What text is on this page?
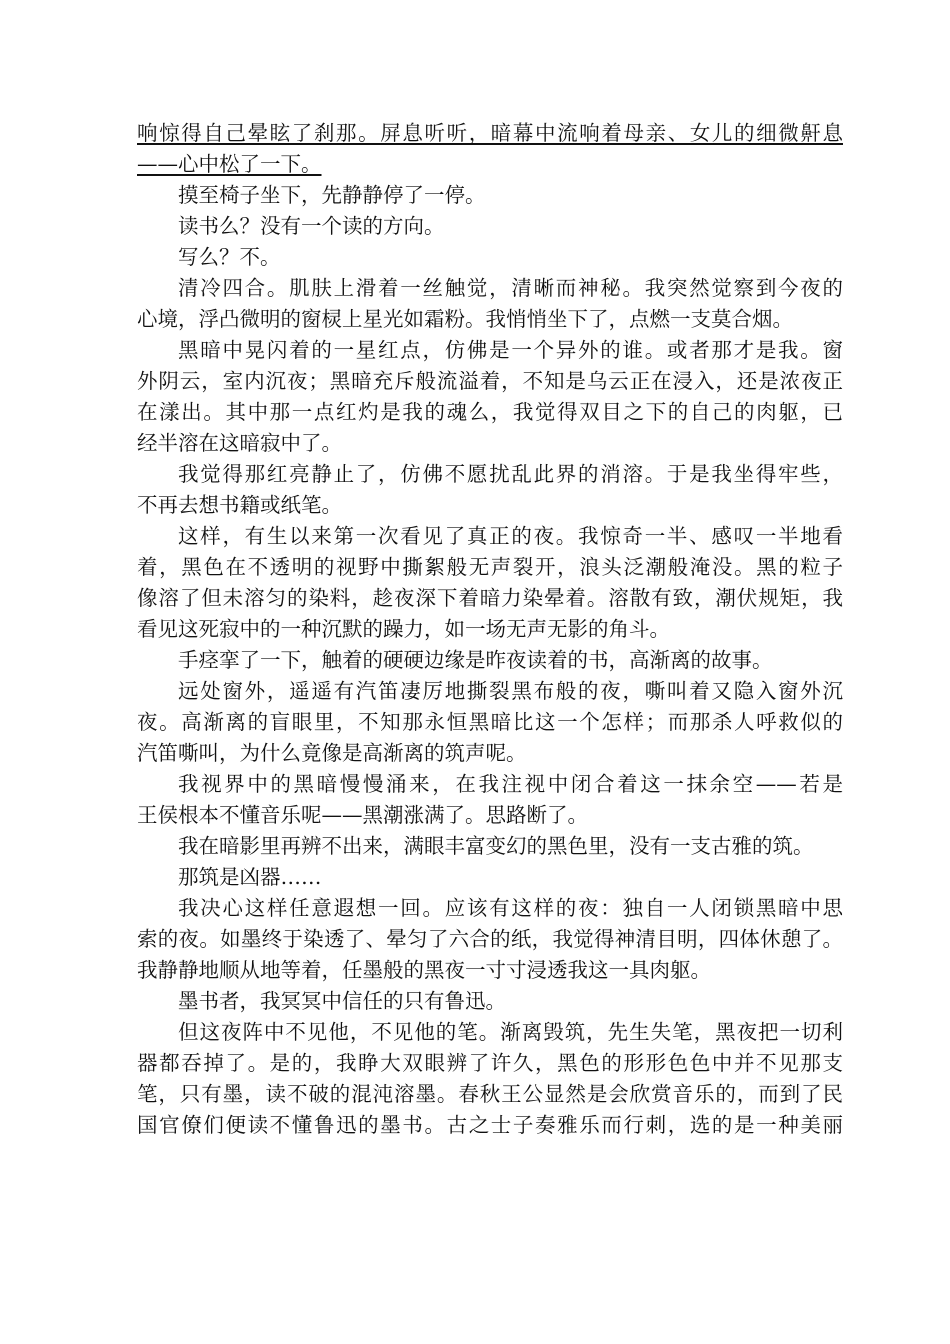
响惊得自己晕眩了刹那。屏息听听，暗幕中流响着母亲、女儿的细微鼾息
——心中松了一下。
摸至椅子坐下，先静静停了一停。
读书么？没有一个读的方向。
写么？不。
清冷四合。肌肤上滑着一丝触觉，清晰而神秘。我突然觉察到今夜的
心境，浮凸微明的窗棂上星光如霜粉。我悄悄坐下了，点燃一支莫合烟。
黑暗中晃闪着的一星红点，仿佛是一个异外的谁。或者那才是我。窗
外阴云，室内沉夜；黑暗充斥般流溢着，不知是乌云正在浸入，还是浓夜正
在漾出。其中那一点红灼是我的魂么，我觉得双目之下的自己的肉躯，已
经半溶在这暗寂中了。
我觉得那红亮静止了，仿佛不愿扰乱此界的消溶。于是我坐得牢些，
不再去想书籍或纸笔。
这样，有生以来第一次看见了真正的夜。我惊奇一半、感叹一半地看
着，黑色在不透明的视野中撕絮般无声裂开，浪头泛潮般淹没。黑的粒子
像溶了但未溶匀的染料，趁夜深下着暗力染晕着。溶散有致，潮伏规矩，我
看见这死寂中的一种沉默的躁力，如一场无声无影的角斗。
手痉挛了一下，触着的硬硬边缘是昨夜读着的书，高渐离的故事。
远处窗外，遥遥有汽笛凄厉地撕裂黑布般的夜，嘶叫着又隐入窗外沉
夜。高渐离的盲眼里，不知那永恒黑暗比这一个怎样；而那杀人呼救似的
汽笛嘶叫，为什么竟像是高渐离的筑声呢。
我视界中的黑暗慢慢涌来，在我注视中闭合着这一抹余空——若是
王侯根本不懂音乐呢——黑潮涨满了。思路断了。
我在暗影里再辨不出来，满眼丰富变幻的黑色里，没有一支古雅的筑。
那筑是凶器……
我决心这样任意遐想一回。应该有这样的夜：独自一人闭锁黑暗中思
索的夜。如墨终于染透了、晕匀了六合的纸，我觉得神清目明，四体休憩了。
我静静地顺从地等着，任墨般的黑夜一寸寸浸透我这一具肉躯。
墨书者，我冥冥中信任的只有鲁迅。
但这夜阵中不见他，不见他的笔。渐离毁筑，先生失笔，黑夜把一切利
器都吞掉了。是的，我睁大双眼辨了许久，黑色的形形色色中并不见那支
笔，只有墨，读不破的混沌溶墨。春秋王公显然是会欣赏音乐的，而到了民
国官僚们便读不懂鲁迅的墨书。古之士子奏雅乐而行刺，选的是一种美丽
